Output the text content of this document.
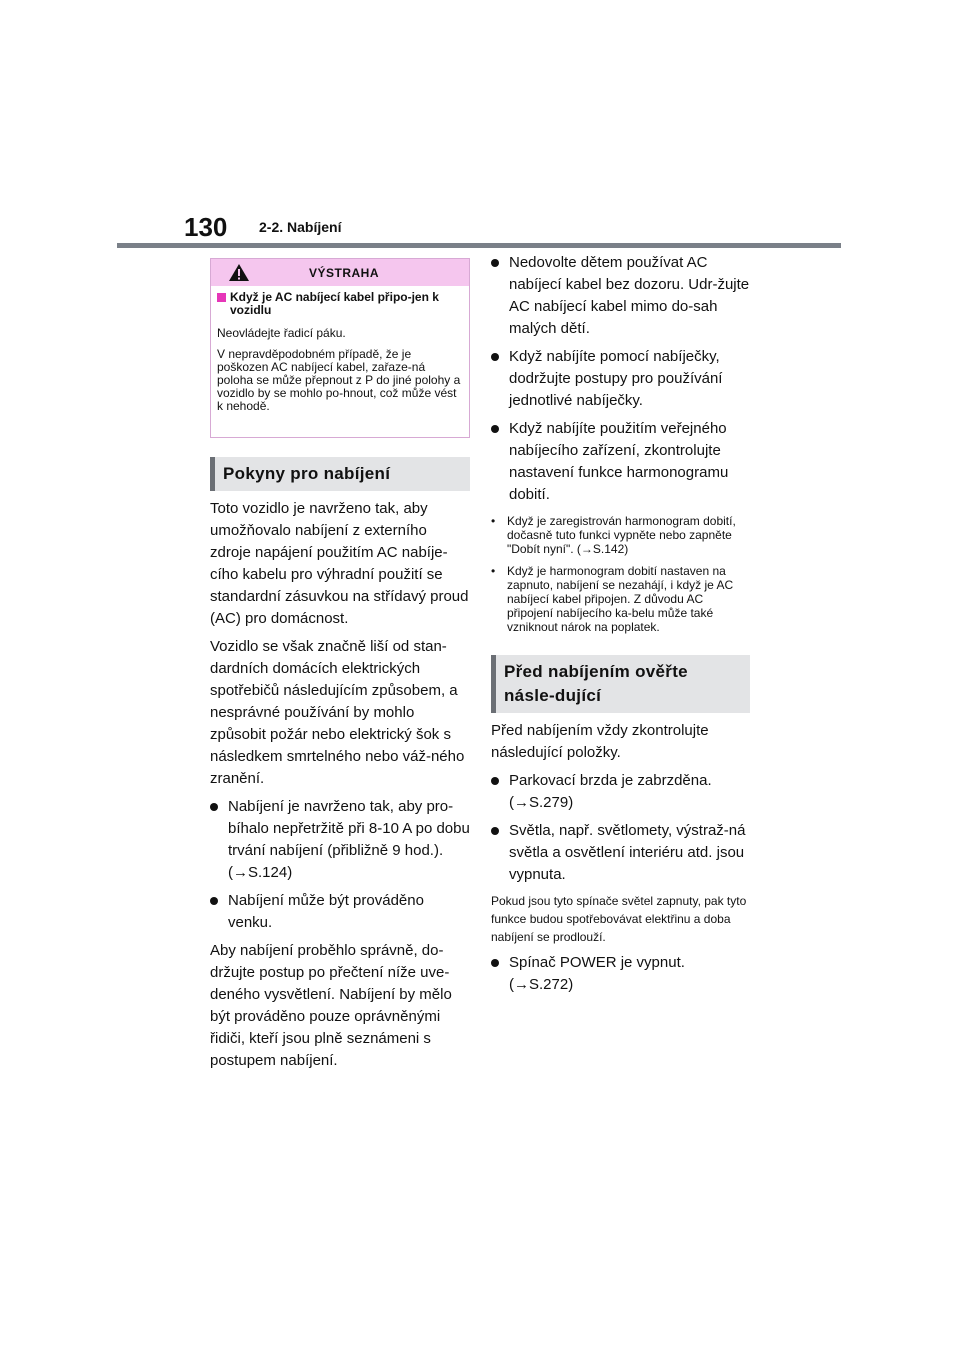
130 2-2. Nabíjení
VÝSTRAHA
Když je AC nabíjecí kabel připo-jen k vozidlu

Neovládejte řadicí páku.

V nepravděpodobném případě, že je poškozen AC nabíjecí kabel, zařaze-ná poloha se může přepnout z P do jiné polohy a vozidlo by se mohlo po-hnout, což může vést k nehodě.

Pokyny pro nabíjení

Toto vozidlo je navrženo tak, aby umožňovalo nabíjení z externího zdroje napájení použitím AC nabíje-cího kabelu pro výhradní použití se standardní zásuvkou na střídavý proud (AC) pro domácnost.

Vozidlo se však značně liší od stan-dardních domácích elektrických spotřebičů následujícím způsobem, a nesprávné používání by mohlo způsobit požár nebo elektrický šok s následkem smrtelného nebo váž-ného zranění.

Nabíjení je navrženo tak, aby pro-bíhalo nepřetržitě při 8-10 A po dobu trvání nabíjení (přibližně 9 hod.). (→S.124)
Nabíjení může být prováděno venku.

Aby nabíjení proběhlo správně, do-držujte postup po přečtení níže uve-deného vysvětlení. Nabíjení by mělo být prováděno pouze oprávněnými řidiči, kteří jsou plně seznámeni s postupem nabíjení.

Nedovolte dětem používat AC nabíjecí kabel bez dozoru. Udr-žujte AC nabíjecí kabel mimo do-sah malých dětí.
Když nabíjíte pomocí nabíječky, dodržujte postupy pro používání jednotlivé nabíječky.
Když nabíjíte použitím veřejného nabíjecího zařízení, zkontrolujte nastavení funkce harmonogramu dobití.
• Když je zaregistrován harmonogram dobití, dočasně tuto funkci vypněte nebo zapněte "Dobít nyní". (→S.142)
• Když je harmonogram dobití nastaven na zapnuto, nabíjení se nezahájí, i když je AC nabíjecí kabel připojen. Z důvodu AC připojení nabíjecího ka-belu může také vzniknout nárok na poplatek.
Před nabíjením ověřte násle-dující

Před nabíjením vždy zkontrolujte následující položky.

Parkovací brzda je zabrzděna. (→S.279)
Světla, např. světlomety, výstraž-ná světla a osvětlení interiéru atd. jsou vypnuta.

Pokud jsou tyto spínače světel zapnuty, pak tyto funkce budou spotřebovávat elektřinu a doba nabíjení se prodlouží.

Spínač POWER je vypnut. (→S.272)
